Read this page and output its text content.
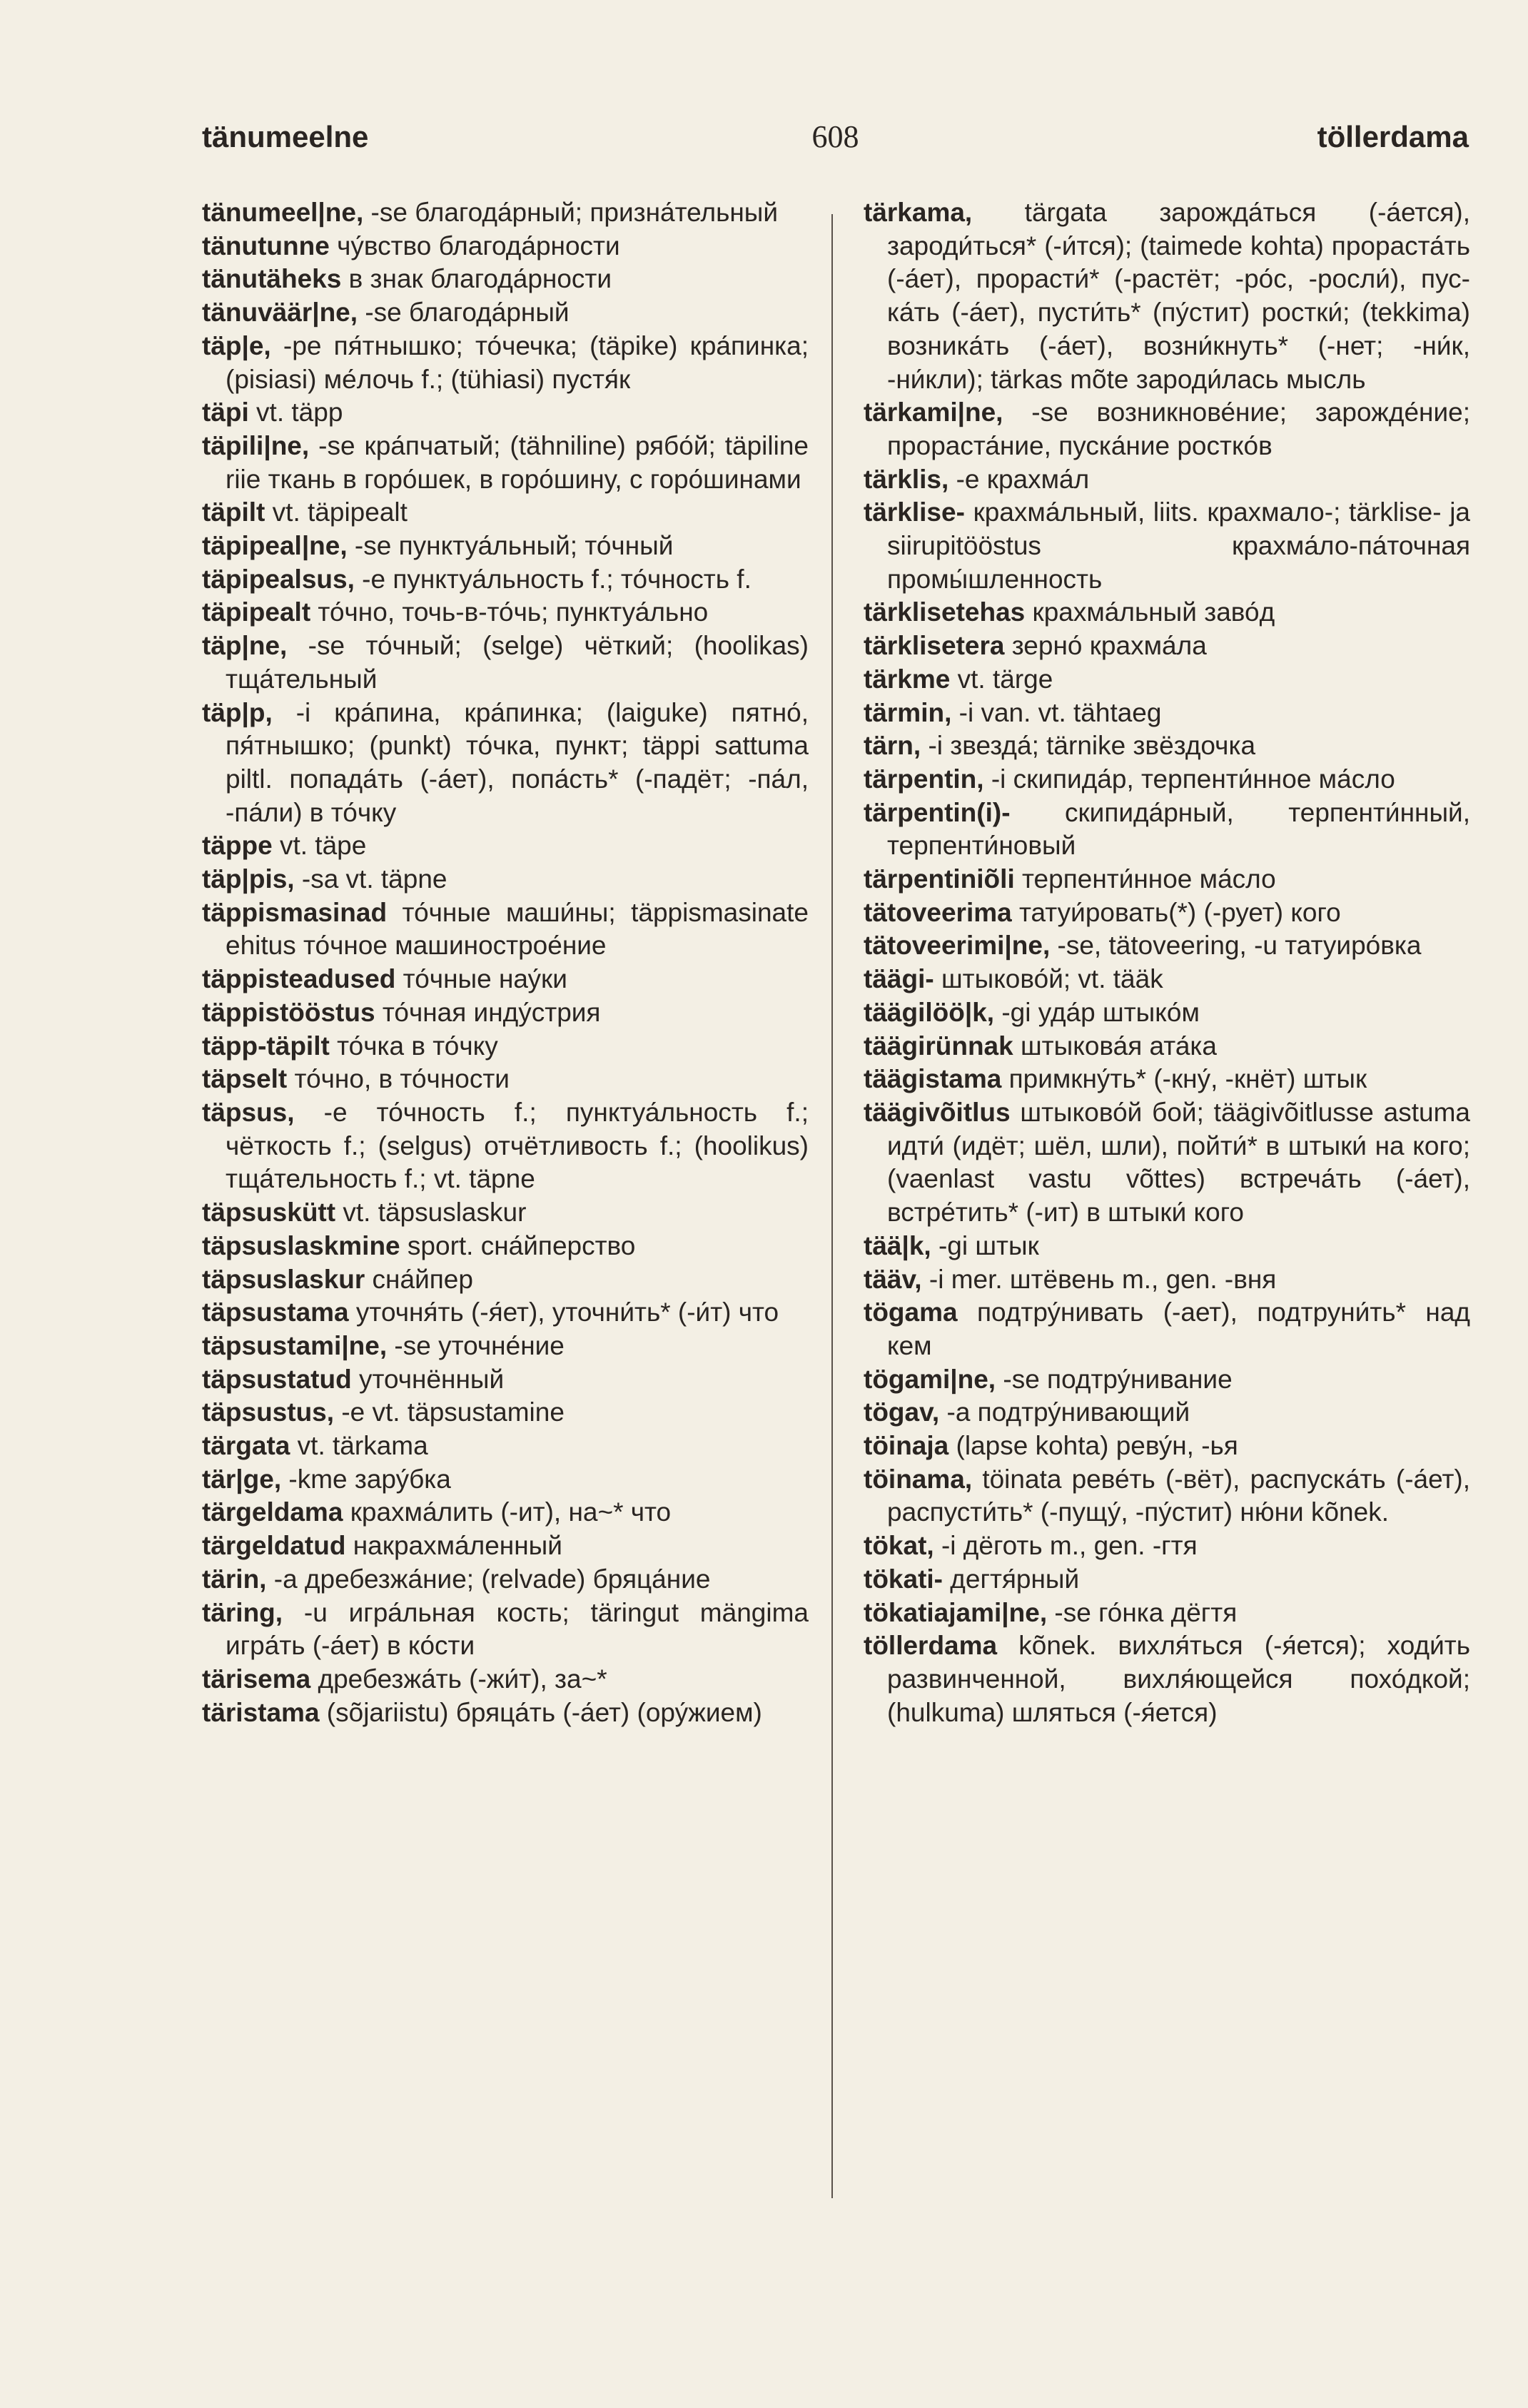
tänumeelne	608	töllerdama

tänumeel|ne, -se благода́рный; призна́тельный

tänutunne чу́вство благода́рности

tänutäheks в знак благода́рности

tänuväär|ne, -se благода́рный

täp|e, -pe пя́тнышко; то́чечка; (täpike) кра́пинка; (pisiasi) ме́лочь f.; (tühiasi) пустя́к

täpi vt. täpp

täpili|ne, -se кра́пчатый; (tähniline) рябо́й; täpiline riie ткань в горо́шек, в горо́шину, с горо́шинами

täpilt vt. täpipealt

täpipeal|ne, -se пунктуа́льный; то́чный

täpipealsus, -e пунктуа́льность f.; то́чность f.

täpipealt то́чно, точь-в-то́чь; пунктуа́льно

täp|ne, -se то́чный; (selge) чёткий; (hoolikas) тща́тельный

täp|p, -i кра́пина, кра́пинка; (laiguke) пятно́, пя́тнышко; (punkt) то́чка, пункт; täppi sattuma piltl. попада́ть (-а́ет), попа́сть* (-падёт; -па́л, -па́ли) в то́чку

täppe vt. täpe

täp|pis, -sa vt. täpne

täppismasinad то́чные маши́ны; täppismasinate ehitus то́чное машинострое́ние

täppisteadused то́чные нау́ки

täppistööstus то́чная инду́стрия

täpp-täpilt то́чка в то́чку

täpselt то́чно, в то́чности

täpsus, -e то́чность f.; пунктуа́льность f.; чёткость f.; (selgus) отчётливость f.; (hoolikus) тща́тельность f.; vt. täpne

täpsuskütt vt. täpsuslaskur

täpsuslaskmine sport. сна́йперство

täpsuslaskur сна́йпер

täpsustama уточня́ть (-я́ет), уточни́ть* (-и́т) что

täpsustami|ne, -se уточне́ние

täpsustatud уточнённый

täpsustus, -e vt. täpsustamine

tärgata vt. tärkama

tär|ge, -kme зару́бка

tärgeldama крахма́лить (-ит), на~* что

tärgeldatud накрахма́ленный

tärin, -a дребезжа́ние; (relvade) бряца́ние

täring, -u игра́льная кость; täringut mängima игра́ть (-а́ет) в ко́сти

tärisema дребезжа́ть (-жи́т), за~*

täristama (sõjariistu) бряца́ть (-а́ет) (ору́жием)

tärkama, tärgata зарожда́ться (-а́ется), зароди́ться* (-и́тся); (taimede kohta) прораста́ть (-а́ет), прорасти́* (-растёт; -ро́с, -росли́), пуска́ть (-а́ет), пусти́ть* (пу́стит) ростки́; (tekkima) возника́ть (-а́ет), возни́кнуть* (-нет; -ни́к, -ни́кли); tärkas mõte зароди́лась мысль

tärkami|ne, -se возникнове́ние; зарожде́ние; прораста́ние, пуска́ние ростко́в

tärklis, -e крахма́л

tärklise- крахма́льный, liits. крахмало-; tärklise- ja siirupitööstus крахма́ло-па́точная промы́шленность

tärklisetehas крахма́льный заво́д

tärklisetera зерно́ крахма́ла

tärkme vt. tärge

tärmin, -i van. vt. tähtaeg

tärn, -i звезда́; tärnike звёздочка

tärpentin, -i скипида́р, терпенти́нное ма́сло

tärpentin(i)- скипида́рный, терпенти́нный, терпенти́новый

tärpentiniõli терпенти́нное ма́сло

tätoveerima татуи́ровать(*) (-рует) кого

tätoveerimi|ne, -se, tätoveering, -u татуиро́вка

täägi- штыково́й; vt. tääk

täägilöö|k, -gi уда́р штыко́м

täägirünnak штыкова́я ата́ка

täägistama примкну́ть* (-кну́, -кнёт) штык

täägivõitlus штыково́й бой; täägivõitlusse astuma идти́ (идёт; шёл, шли), пойти́* в штыки́ на кого; (vaenlast vastu võttes) встреча́ть (-а́ет), встре́тить* (-ит) в штыки́ кого

tää|k, -gi штык

tääv, -i mer. штёвень m., gen. -вня

tögama подтру́нивать (-ает), подтруни́ть* над кем

tögami|ne, -se подтру́нивание

tögav, -a подтру́нивающий

töinaja (lapse kohta) реву́н, -ья

töinama, töinata реве́ть (-вёт), распуска́ть (-а́ет), распусти́ть* (-пущу́, -пу́стит) ню́ни kõnek.

tökat, -i дёготь m., gen. -гтя

tökati- дегтя́рный

tökatiajami|ne, -se го́нка дёгтя

töllerdama kõnek. вихля́ться (-я́ется); ходи́ть развинченной, вихля́ющейся похо́дкой; (hulkuma) шляться (-я́ется)
